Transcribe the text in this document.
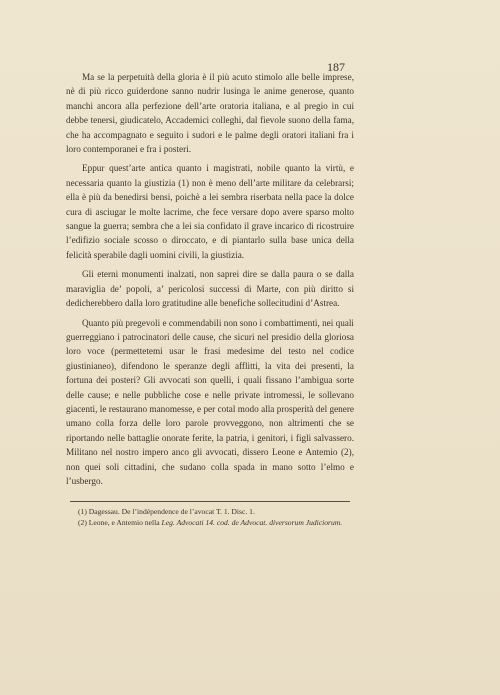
187

Ma se la perpetuità della gloria è il più acuto stimolo alle belle imprese, nè di più ricco guiderdone sanno nudrir lusinga le anime generose, quanto manchi ancora alla perfezione dell’arte oratoria italiana, e al pregio in cui debbe tenersi, giudicatelo, Accademici colleghi, dal fievole suono della fama, che ha accompagnato e seguito i sudori e le palme degli oratori italiani fra i loro contemporanei e fra i posteri.

Eppur quest’arte antica quanto i magistrati, nobile quanto la virtù, e necessaria quanto la giustizia (1) non è meno dell’arte militare da celebrarsi; ella è più da benedirsi bensi, poichè a lei sembra riserbata nella pace la dolce cura di asciugar le molte lacrime, che fece versare dopo avere sparso molto sangue la guerra; sembra che a lei sia confidato il grave incarico di ricostruire l’edifizio sociale scosso o diroccato, e di piantarlo sulla base unica della felicità sperabile dagli uomini civili, la giustizia.

Gli eterni monumenti inalzati, non saprei dire se dalla paura o se dalla maraviglia de’ popoli, a’ pericolosi successi di Marte, con più diritto si dedicherebbero dalla loro gratitudine alle benefiche sollecitudini d’Astrea.

Quanto più pregevoli e commendabili non sono i combattimenti, nei quali guerreggiano i patrocinatori delle cause, che sicuri nel presidio della gloriosa loro voce (permettetemi usar le frasi medesime del testo nel codice giustinianeo), difendono le speranze degli afflitti, la vita dei presenti, la fortuna dei posteri? Gli avvocati son quelli, i quali fissano l’ambigua sorte delle cause; e nelle pubbliche cose e nelle private intromessi, le sollevano giacenti, le restaurano manomesse, e per cotal modo alla prosperità del genere umano colla forza delle loro parole provveggono, non altrimenti che se riportando nelle battaglie onorate ferite, la patria, i genitori, i figli salvassero. Militano nel nostro impero anco gli avvocati, dissero Leone e Antemio (2), non quei soli cittadini, che sudano colla spada in mano sotto l’elmo e l’usbergo.

(1) Dagessau. De l’indépendence de l’avocat T. 1. Disc. 1.

(2) Leone, e Antemio nella Leg. Advocati 14. cod. de Advocat. diversorum Judiciorum.
